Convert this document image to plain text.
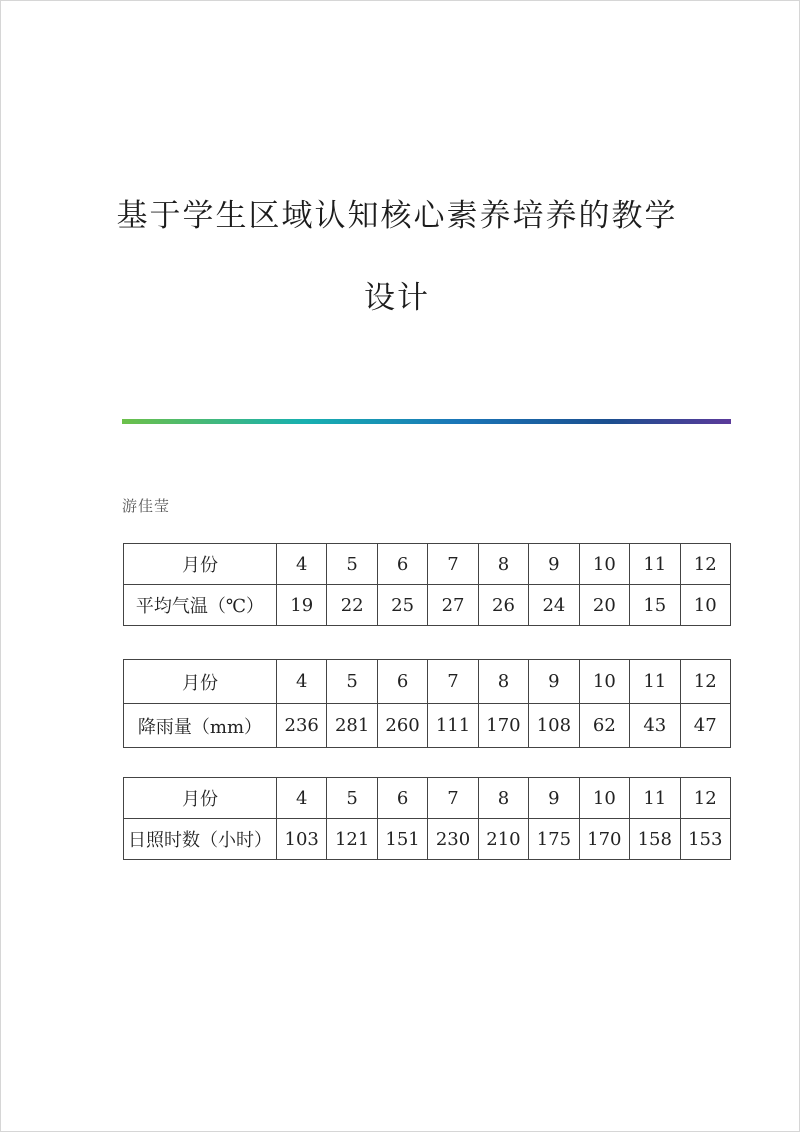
基于学生区域认知核心素养培养的教学
设计
游佳莹
月份	4	5	6	7	8	9	10	11	12
平均气温（℃）	19	22	25	27	26	24	20	15	10
月份	4	5	6	7	8	9	10	11	12
降雨量（mm）	236	281	260	111	170	108	62	43	47
月份	4	5	6	7	8	9	10	11	12
日照时数（小时）	103	121	151	230	210	175	170	158	153
